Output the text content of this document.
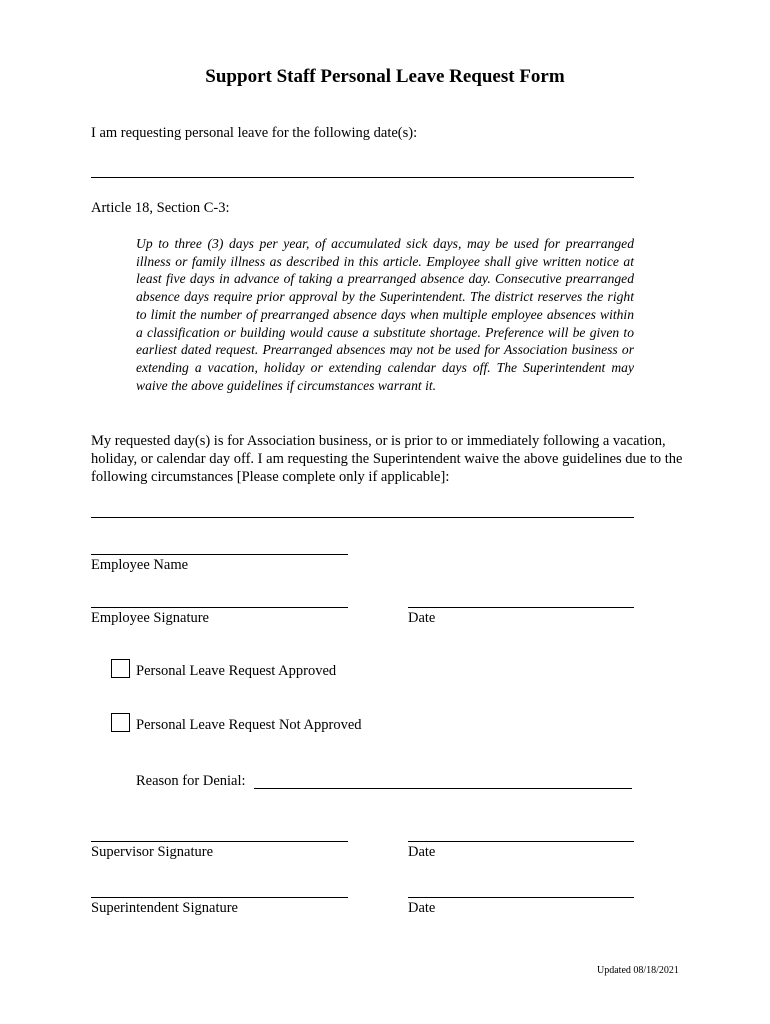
Support Staff Personal Leave Request Form
I am requesting personal leave for the following date(s):
Article 18, Section C-3:
Up to three (3) days per year, of accumulated sick days, may be used for prearranged illness or family illness as described in this article. Employee shall give written notice at least five days in advance of taking a prearranged absence day. Consecutive prearranged absence days require prior approval by the Superintendent. The district reserves the right to limit the number of prearranged absence days when multiple employee absences within a classification or building would cause a substitute shortage. Preference will be given to earliest dated request. Prearranged absences may not be used for Association business or extending a vacation, holiday or extending calendar days off. The Superintendent may waive the above guidelines if circumstances warrant it.
My requested day(s) is for Association business, or is prior to or immediately following a vacation, holiday, or calendar day off. I am requesting the Superintendent waive the above guidelines due to the following circumstances [Please complete only if applicable]:
Employee Name
Employee Signature	Date
Personal Leave Request Approved
Personal Leave Request Not Approved
Reason for Denial:
Supervisor Signature	Date
Superintendent Signature	Date
Updated 08/18/2021
